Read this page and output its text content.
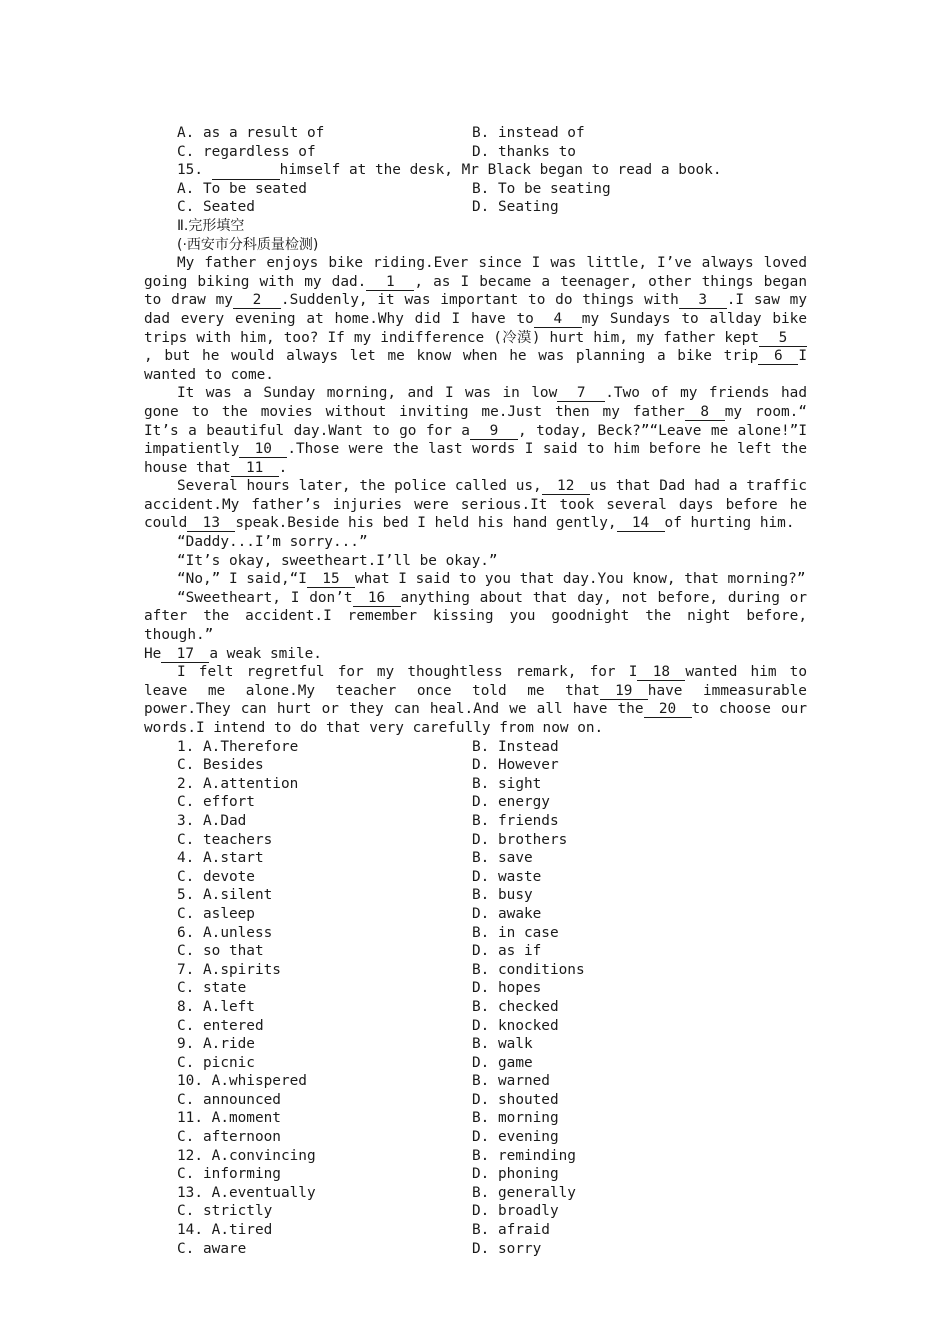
A. as a result of	B. instead of
C. regardless of	D. thanks to
15.	himself at the desk, Mr Black began to read a book.
A. To be seated	B. To be seating
C. Seated	D. Seating
Ⅱ.完形填空
(·西安市分科质量检测)

My father enjoys bike riding.Ever since I was little, I’ve always loved going biking with my dad. 1 , as I became a teenager, other things began to draw my 2 .Suddenly, it was important to do things with 3 .I saw my dad every evening at home.Why did I have to 4 my Sundays to allday bike trips with him, too? If my indifference (冷漠) hurt him, my father kept 5, but he would always let me know when he was planning a bike trip 6 I wanted to come.

It was a Sunday morning, and I was in low 7 .Two of my friends had gone to the movies without inviting me.Just then my father 8 my room.“ It’s a beautiful day.Want to go for a 9 , today, Beck?”“Leave me alone!”I impatiently 10 .Those were the last words I said to him before he left the house that 11 .

Several hours later, the police called us, 12 us that Dad had a traffic accident.My father’s injuries were serious.It took several days before he could 13 speak.Beside his bed I held his hand gently, 14 of hurting him.

“Daddy...I’m sorry...”

“It’s okay, sweetheart.I’ll be okay.”

“No,” I said,“I 15 what I said to you that day.You know, that morning?”

“Sweetheart, I don’t 16 anything about that day, not before, during or after the accident.I remember kissing you goodnight the night before, though.”

He 17 a weak smile.

I felt regretful for my thoughtless remark, for I 18 wanted him to leave me alone.My teacher once told me that 19 have immeasurable power.They can hurt or they can heal.And we all have the 20 to choose our words.I intend to do that very carefully from now on.

1. A.Therefore	B. Instead
C. Besides	D. However
2. A.attention	B. sight
C. effort	D. energy
3. A.Dad	B. friends
C. teachers	D. brothers
4. A.start	B. save
C. devote	D. waste
5. A.silent	B. busy
C. asleep	D. awake
6. A.unless	B. in case
C. so that	D. as if
7. A.spirits	B. conditions
C. state	D. hopes
8. A.left	B. checked
C. entered	D. knocked
9. A.ride	B. walk
C. picnic	D. game
10. A.whispered	B. warned
C. announced	D. shouted
11. A.moment	B. morning
C. afternoon	D. evening
12. A.convincing	B. reminding
C. informing	D. phoning
13. A.eventually	B. generally
C. strictly	D. broadly
14. A.tired	B. afraid
C. aware	D. sorry
